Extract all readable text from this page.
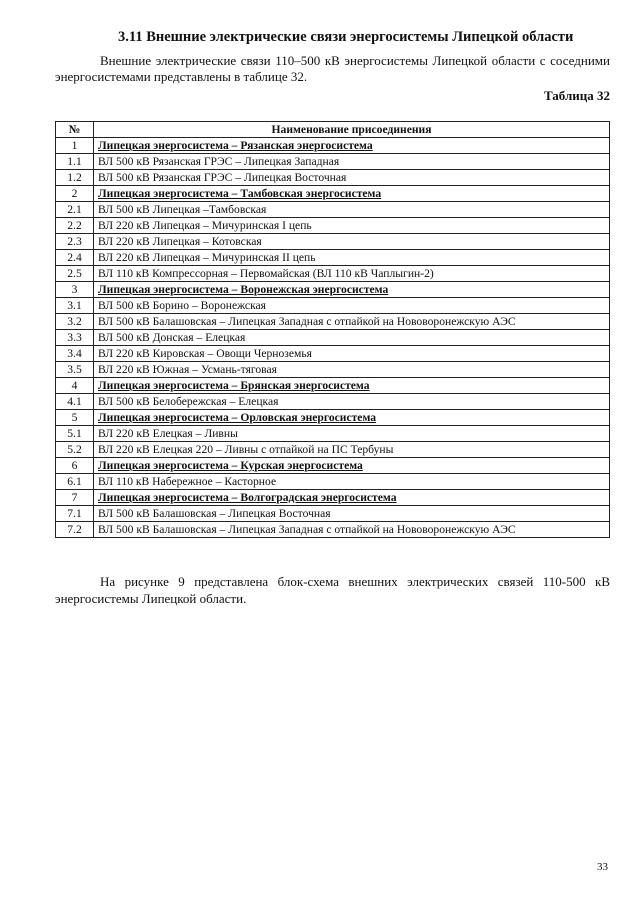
3.11 Внешние электрические связи энергосистемы Липецкой области

Внешние электрические связи 110–500 кВ энергосистемы Липецкой области с соседними энергосистемами представлены в таблице 32.

Таблица 32
№	Наименование присоединения
1	Липецкая энергосистема – Рязанская энергосистема
1.1	ВЛ 500 кВ Рязанская ГРЭС – Липецкая Западная
1.2	ВЛ 500 кВ Рязанская ГРЭС – Липецкая Восточная
2	Липецкая энергосистема – Тамбовская энергосистема
2.1	ВЛ 500 кВ Липецкая –Тамбовская
2.2	ВЛ 220 кВ Липецкая – Мичуринская I цепь
2.3	ВЛ 220 кВ Липецкая – Котовская
2.4	ВЛ 220 кВ Липецкая – Мичуринская II цепь
2.5	ВЛ 110 кВ Компрессорная – Первомайская (ВЛ 110 кВ Чаплыгин-2)
3	Липецкая энергосистема – Воронежская энергосистема
3.1	ВЛ 500 кВ Борино – Воронежская
3.2	ВЛ 500 кВ Балашовская – Липецкая Западная с отпайкой на Нововоронежскую АЭС
3.3	ВЛ 500 кВ Донская – Елецкая
3.4	ВЛ 220 кВ Кировская – Овощи Черноземья
3.5	ВЛ 220 кВ Южная – Усмань-тяговая
4	Липецкая энергосистема – Брянская энергосистема
4.1	ВЛ 500 кВ Белобережская – Елецкая
5	Липецкая энергосистема – Орловская энергосистема
5.1	ВЛ 220 кВ Елецкая – Ливны
5.2	ВЛ 220 кВ Елецкая 220 – Ливны с отпайкой на ПС Тербуны
6	Липецкая энергосистема – Курская энергосистема
6.1	ВЛ 110 кВ Набережное – Касторное
7	Липецкая энергосистема – Волгоградская энергосистема
7.1	ВЛ 500 кВ Балашовская – Липецкая Восточная
7.2	ВЛ 500 кВ Балашовская – Липецкая Западная с отпайкой на Нововоронежскую АЭС

На рисунке 9 представлена блок-схема внешних электрических связей 110-500 кВ энергосистемы Липецкой области.

33
